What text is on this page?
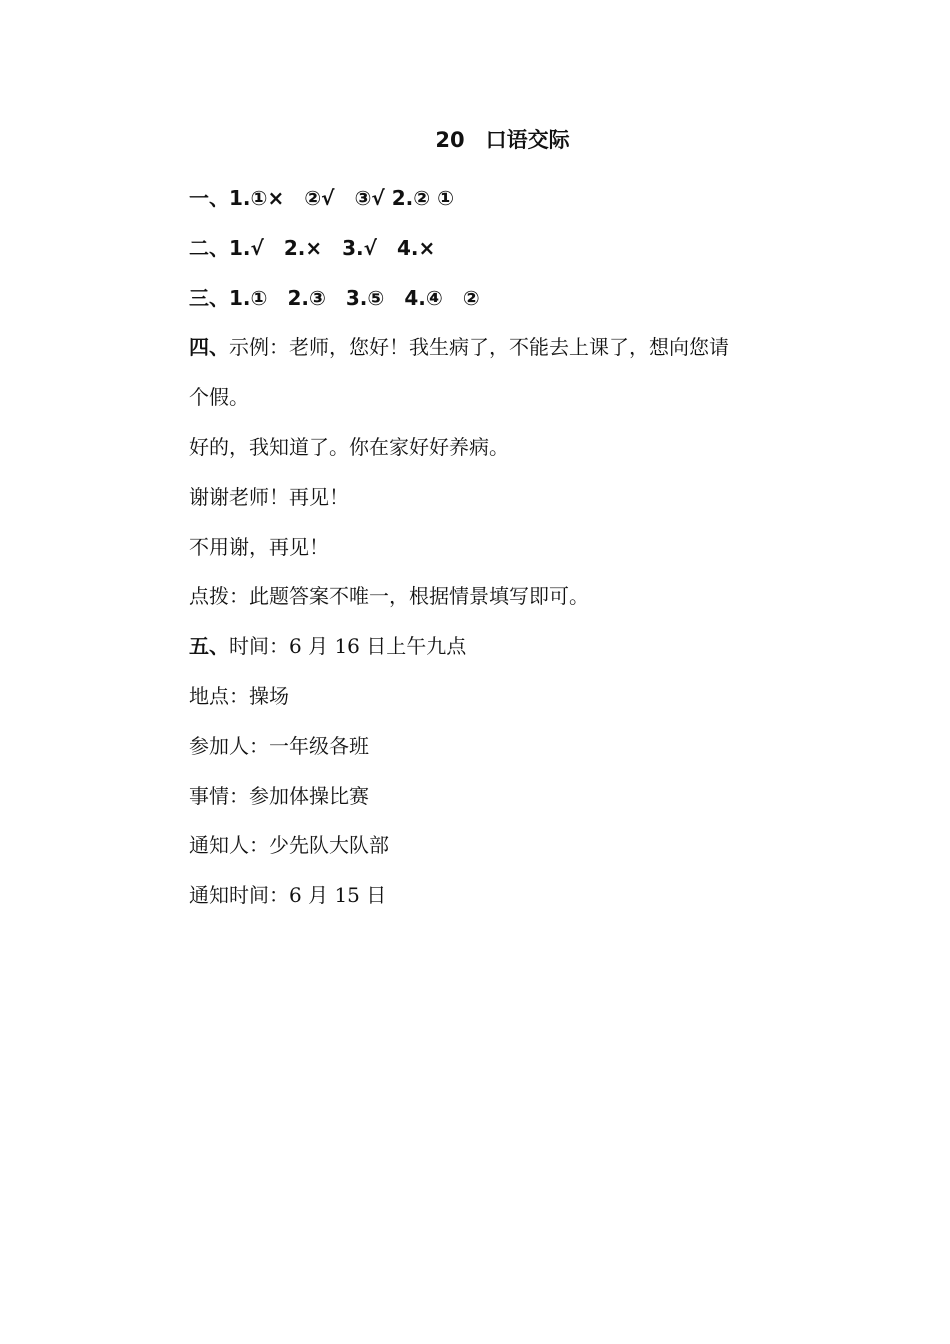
20　口语交际
一、1.①×　②√　③√ 2.② ①
二、1.√　2.×　3.√　4.×
三、1.①　2.③　3.⑤　4.④　②
四、示例：老师，您好！我生病了，不能去上课了，想向您请
个假。
好的，我知道了。你在家好好养病。
谢谢老师！再见！
不用谢，再见！
点拨：此题答案不唯一，根据情景填写即可。
五、时间：6 月 16 日上午九点
地点：操场
参加人：一年级各班
事情：参加体操比赛
通知人：少先队大队部
通知时间：6 月 15 日
